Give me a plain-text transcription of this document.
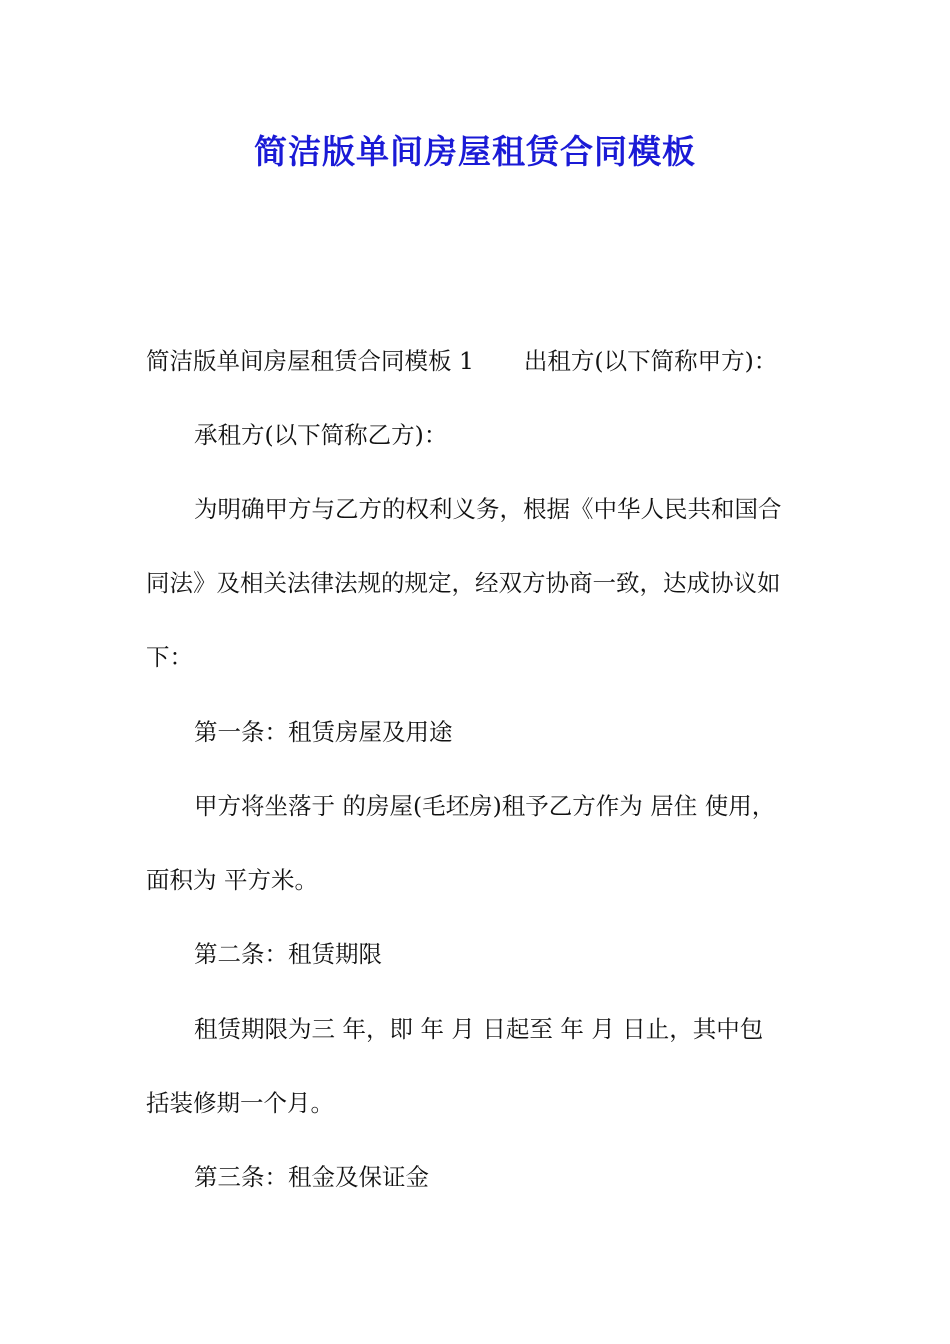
简洁版单间房屋租赁合同模板
简洁版单间房屋租赁合同模板 1 出租方(以下简称甲方)：
承租方(以下简称乙方)：
为明确甲方与乙方的权利义务，根据《中华人民共和国合
同法》及相关法律法规的规定，经双方协商一致，达成协议如
下：
第一条：租赁房屋及用途
甲方将坐落于 的房屋(毛坯房)租予乙方作为 居住 使用，
面积为 平方米。
第二条：租赁期限
租赁期限为三 年，即 年 月 日起至 年 月 日止，其中包
括装修期一个月。
第三条：租金及保证金
